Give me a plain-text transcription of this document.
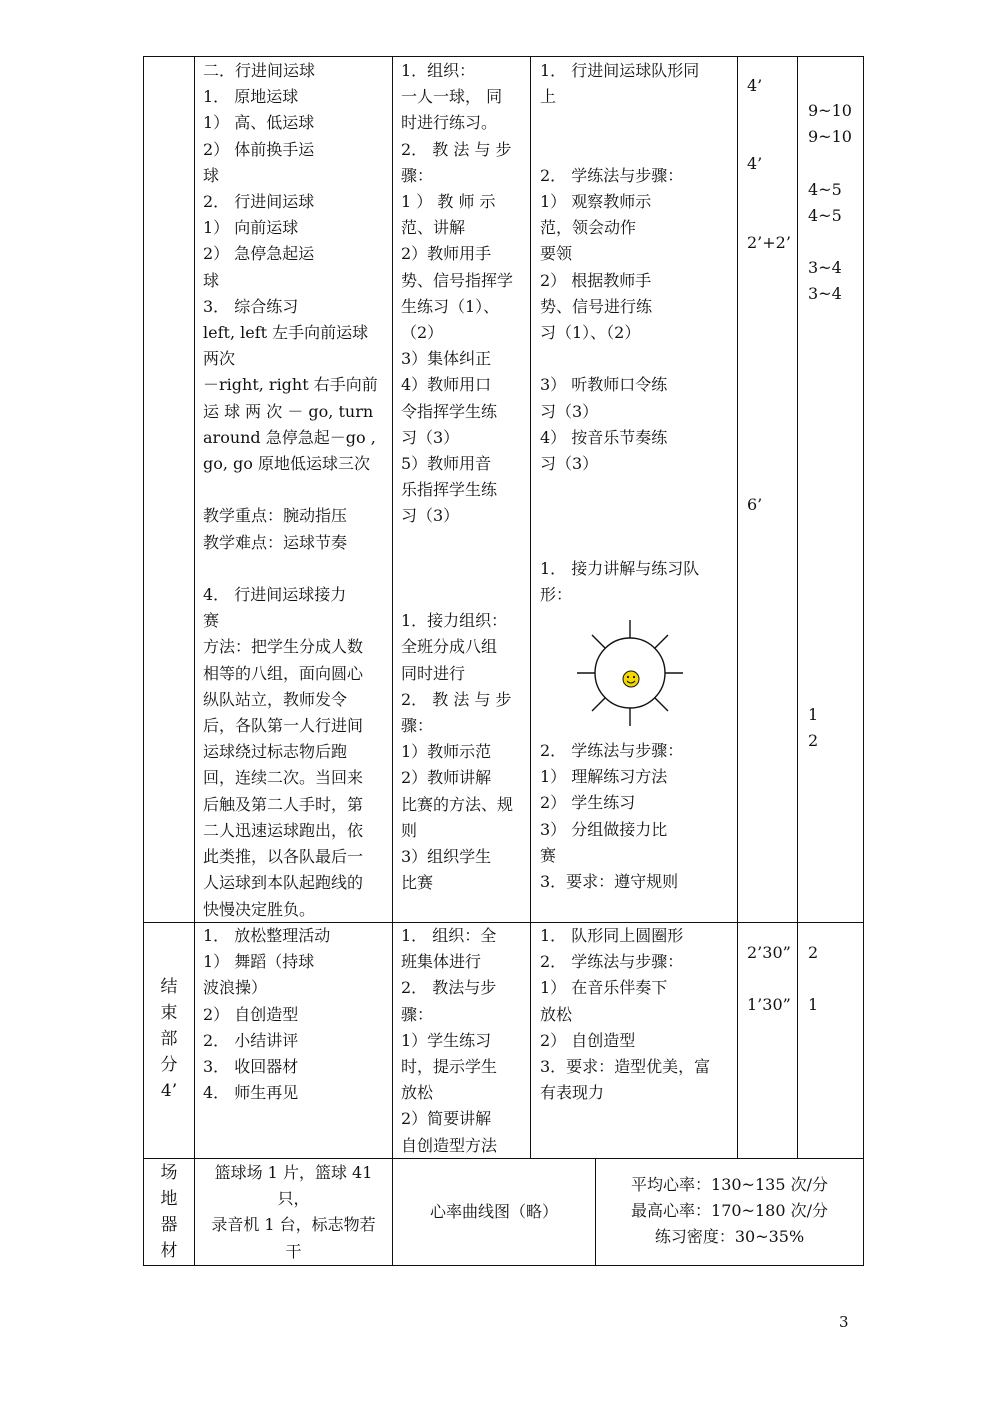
二．行进间运球
1． 原地运球
1） 高、低运球
2） 体前换手运
球
2． 行进间运球
1） 向前运球
2） 急停急起运
球
3． 综合练习
left, left 左手向前运球
两次
－right, right 右手向前
运 球 两 次 － go, turn
around 急停急起－go ,
go, go 原地低运球三次

教学重点：腕动指压
教学难点：运球节奏

4． 行进间运球接力
赛
方法：把学生分成人数
相等的八组，面向圆心
纵队站立，教师发令
后，各队第一人行进间
运球绕过标志物后跑
回，连续二次。当回来
后触及第二人手时，第
二人迅速运球跑出，依
此类推，以各队最后一
人运球到本队起跑线的
快慢决定胜负。
1．组织：
一人一球， 同
时进行练习。
2． 教 法 与 步
骤：
1 ） 教 师 示
范、讲解
2）教师用手
势、信号指挥学
生练习（1）、
（2）
3）集体纠正
4）教师用口
令指挥学生练
习（3）
5）教师用音
乐指挥学生练
习（3）

1．接力组织：
全班分成八组
同时进行
2． 教 法 与 步
骤：
1）教师示范
2）教师讲解
比赛的方法、规
则
3）组织学生
比赛
1． 行进间运球队形同
上

2． 学练法与步骤：
1） 观察教师示
范，领会动作
要领
2） 根据教师手
势、信号进行练
习（1）、（2）

3） 听教师口令练
习（3）
4） 按音乐节奏练
习（3）

1． 接力讲解与练习队
形：
2． 学练法与步骤：
1） 理解练习方法
2） 学生练习
3） 分组做接力比
赛
3．要求：遵守规则
4’
4’
2’+2’
6’
9~10
9~10
4~5
4~5
3~4
3~4
1
2
结
束
部
分
4’
1． 放松整理活动
1） 舞蹈（持球
波浪操）
2） 自创造型
2． 小结讲评
3． 收回器材
4． 师生再见
1． 组织：全
班集体进行
2． 教法与步
骤：
1）学生练习
时，提示学生
放松
2）简要讲解
自创造型方法
1． 队形同上圆圈形
2． 学练法与步骤：
1） 在音乐伴奏下
放松
2） 自创造型
3．要求：造型优美，富
有表现力
2’30”
1’30”
2
1
场
地
器
材
篮球场 1 片，篮球 41
只，
录音机 1 台，标志物若
干
心率曲线图（略）
平均心率：130~135 次/分
最高心率：170~180 次/分
练习密度：30~35%
3
